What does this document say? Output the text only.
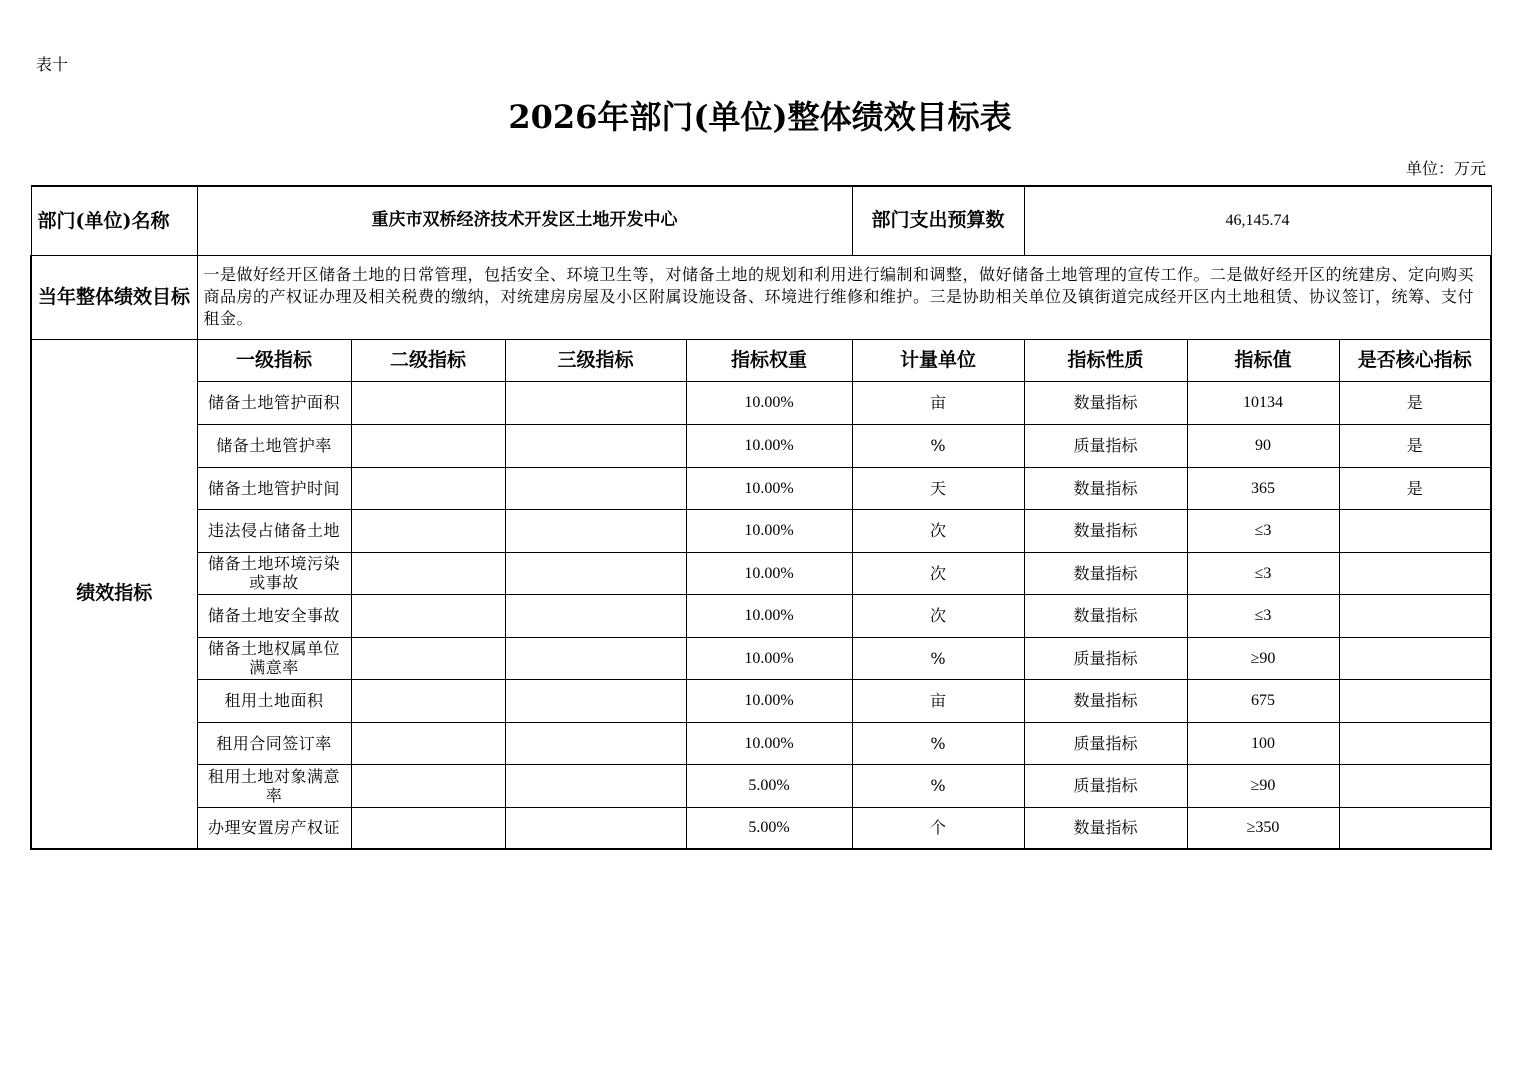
表十
2026年部门(单位)整体绩效目标表
单位：万元
部门(单位)名称	重庆市双桥经济技术开发区土地开发中心				部门支出预算数	46,145.74		
当年整体绩效目标	一是做好经开区储备土地的日常管理，包括安全、环境卫生等，对储备土地的规划和利用进行编制和调整，做好储备土地管理的宣传工作。二是做好经开区的统建房、定向购买商品房的产权证办理及相关税费的缴纳，对统建房房屋及小区附属设施设备、环境进行维修和维护。三是协助相关单位及镇街道完成经开区内土地租赁、协议签订，统筹、支付租金。							
绩效指标	一级指标	二级指标	三级指标	指标权重	计量单位	指标性质	指标值	是否核心指标
	储备土地管护面积			10.00%	亩	数量指标	10134	是
	储备土地管护率			10.00%	%	质量指标	90	是
	储备土地管护时间			10.00%	天	数量指标	365	是
	违法侵占储备土地			10.00%	次	数量指标	≤3	
	储备土地环境污染或事故			10.00%	次	数量指标	≤3	
	储备土地安全事故			10.00%	次	数量指标	≤3	
	储备土地权属单位满意率			10.00%	%	质量指标	≥90	
	租用土地面积			10.00%	亩	数量指标	675	
	租用合同签订率			10.00%	%	质量指标	100	
	租用土地对象满意率			5.00%	%	质量指标	≥90	
	办理安置房产权证			5.00%	个	数量指标	≥350	
